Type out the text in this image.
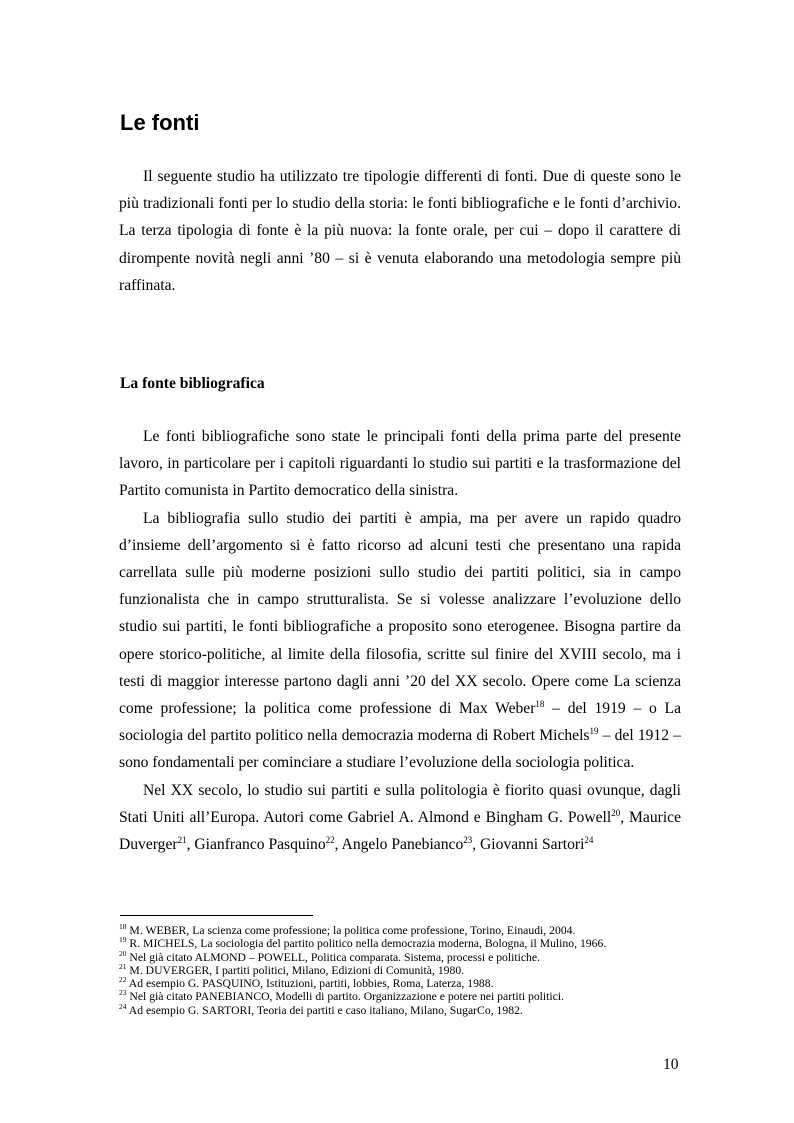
Le fonti

Il seguente studio ha utilizzato tre tipologie differenti di fonti. Due di queste sono le più tradizionali fonti per lo studio della storia: le fonti bibliografiche e le fonti d’archivio. La terza tipologia di fonte è la più nuova: la fonte orale, per cui – dopo il carattere di dirompente novità negli anni ’80 – si è venuta elaborando una metodologia sempre più raffinata.

La fonte bibliografica

Le fonti bibliografiche sono state le principali fonti della prima parte del presente lavoro, in particolare per i capitoli riguardanti lo studio sui partiti e la trasformazione del Partito comunista in Partito democratico della sinistra.

La bibliografia sullo studio dei partiti è ampia, ma per avere un rapido quadro d’insieme dell’argomento si è fatto ricorso ad alcuni testi che presentano una rapida carrellata sulle più moderne posizioni sullo studio dei partiti politici, sia in campo funzionalista che in campo strutturalista. Se si volesse analizzare l’evoluzione dello studio sui partiti, le fonti bibliografiche a proposito sono eterogenee. Bisogna partire da opere storico-politiche, al limite della filosofia, scritte sul finire del XVIII secolo, ma i testi di maggior interesse partono dagli anni ’20 del XX secolo. Opere come La scienza come professione; la politica come professione di Max Weber$^{18}$ – del 1919 – o La sociologia del partito politico nella democrazia moderna di Robert Michels$^{19}$ – del 1912 – sono fondamentali per cominciare a studiare l’evoluzione della sociologia politica.

Nel XX secolo, lo studio sui partiti e sulla politologia è fiorito quasi ovunque, dagli Stati Uniti all’Europa. Autori come Gabriel A. Almond e Bingham G. Powell$^{20}$, Maurice Duverger$^{21}$, Gianfranco Pasquino$^{22}$, Angelo Panebianco$^{23}$, Giovanni Sartori$^{24}$

$^{18}$ M. WEBER, La scienza come professione; la politica come professione, Torino, Einaudi, 2004.

$^{19}$ R. MICHELS, La sociologia del partito politico nella democrazia moderna, Bologna, il Mulino, 1966.

$^{20}$ Nel già citato ALMOND – POWELL, Politica comparata. Sistema, processi e politiche.

$^{21}$ M. DUVERGER, I partiti politici, Milano, Edizioni di Comunità, 1980.

$^{22}$ Ad esempio G. PASQUINO, Istituzioni, partiti, lobbies, Roma, Laterza, 1988.

$^{23}$ Nel già citato PANEBIANCO, Modelli di partito. Organizzazione e potere nei partiti politici.

$^{24}$ Ad esempio G. SARTORI, Teoria dei partiti e caso italiano, Milano, SugarCo, 1982.

10
